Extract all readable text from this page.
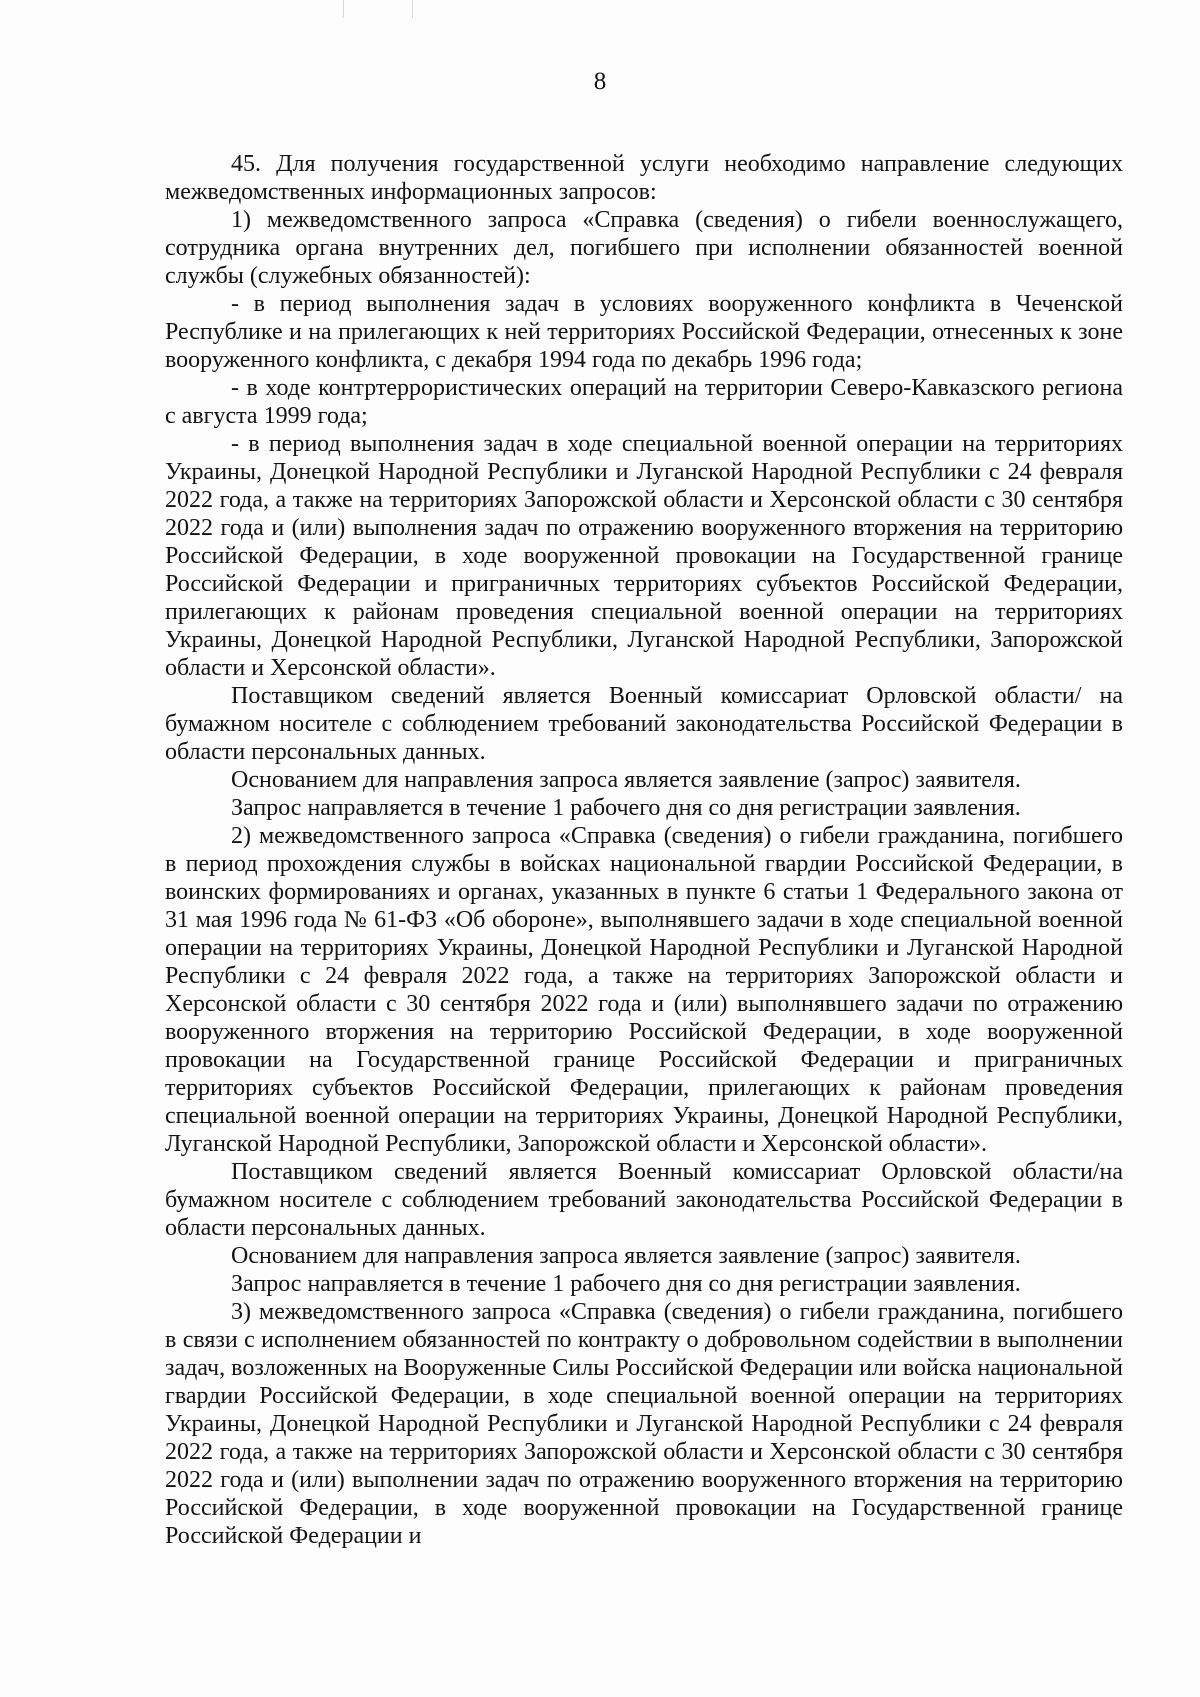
8

45. Для получения государственной услуги необходимо направление следующих межведомственных информационных запросов:

1) межведомственного запроса «Справка (сведения) о гибели военнослужащего, сотрудника органа внутренних дел, погибшего при исполнении обязанностей военной службы (служебных обязанностей):

- в период выполнения задач в условиях вооруженного конфликта в Чеченской Республике и на прилегающих к ней территориях Российской Федерации, отнесенных к зоне вооруженного конфликта, с декабря 1994 года по декабрь 1996 года;

- в ходе контртеррористических операций на территории Северо-Кавказского региона с августа 1999 года;

- в период выполнения задач в ходе специальной военной операции на территориях Украины, Донецкой Народной Республики и Луганской Народной Республики с 24 февраля 2022 года, а также на территориях Запорожской области и Херсонской области с 30 сентября 2022 года и (или) выполнения задач по отражению вооруженного вторжения на территорию Российской Федерации, в ходе вооруженной провокации на Государственной границе Российской Федерации и приграничных территориях субъектов Российской Федерации, прилегающих к районам проведения специальной военной операции на территориях Украины, Донецкой Народной Республики, Луганской Народной Республики, Запорожской области и Херсонской области».

Поставщиком сведений является Военный комиссариат Орловской области/ на бумажном носителе с соблюдением требований законодательства Российской Федерации в области персональных данных.

Основанием для направления запроса является заявление (запрос) заявителя.

Запрос направляется в течение 1 рабочего дня со дня регистрации заявления.

2) межведомственного запроса «Справка (сведения) о гибели гражданина, погибшего в период прохождения службы в войсках национальной гвардии Российской Федерации, в воинских формированиях и органах, указанных в пункте 6 статьи 1 Федерального закона от 31 мая 1996 года № 61-ФЗ «Об обороне», выполнявшего задачи в ходе специальной военной операции на территориях Украины, Донецкой Народной Республики и Луганской Народной Республики с 24 февраля 2022 года, а также на территориях Запорожской области и Херсонской области с 30 сентября 2022 года и (или) выполнявшего задачи по отражению вооруженного вторжения на территорию Российской Федерации, в ходе вооруженной провокации на Государственной границе Российской Федерации и приграничных территориях субъектов Российской Федерации, прилегающих к районам проведения специальной военной операции на территориях Украины, Донецкой Народной Республики, Луганской Народной Республики, Запорожской области и Херсонской области».

Поставщиком сведений является Военный комиссариат Орловской области/на бумажном носителе с соблюдением требований законодательства Российской Федерации в области персональных данных.

Основанием для направления запроса является заявление (запрос) заявителя.

Запрос направляется в течение 1 рабочего дня со дня регистрации заявления.

3) межведомственного запроса «Справка (сведения) о гибели гражданина, погибшего в связи с исполнением обязанностей по контракту о добровольном содействии в выполнении задач, возложенных на Вооруженные Силы Российской Федерации или войска национальной гвардии Российской Федерации, в ходе специальной военной операции на территориях Украины, Донецкой Народной Республики и Луганской Народной Республики с 24 февраля 2022 года, а также на территориях Запорожской области и Херсонской области с 30 сентября 2022 года и (или) выполнении задач по отражению вооруженного вторжения на территорию Российской Федерации, в ходе вооруженной провокации на Государственной границе Российской Федерации и
